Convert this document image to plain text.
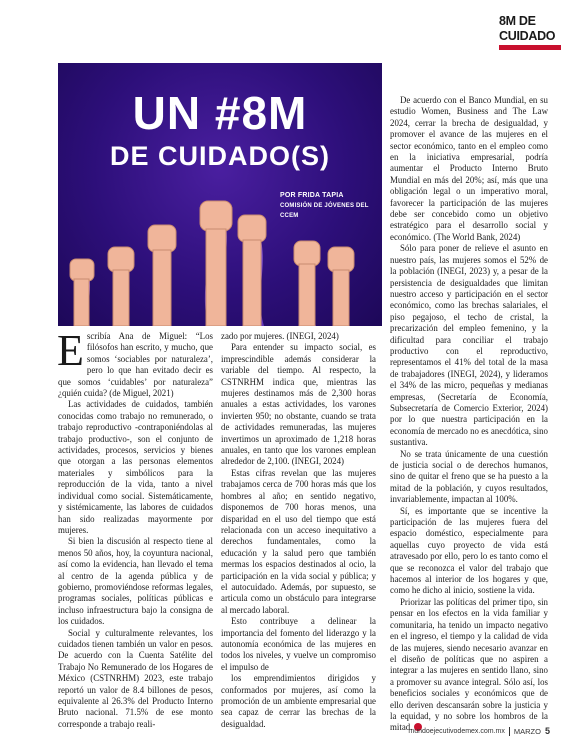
8M DE
CUIDADO
UN #8M
DE CUIDADO(S)
POR FRIDA TAPIA
COMISIÓN DE JÓVENES DEL CCEM

Escribía Ana de Miguel: “Los filósofos han escrito, y mucho, que somos ‘sociables por naturaleza’, pero lo que han evitado decir es que somos ‘cuidables’ por naturaleza” ¿quién cuida? (de Miguel, 2021)

Las actividades de cuidados, también conocidas como trabajo no remunerado, o trabajo reproductivo -contraponiéndolas al trabajo productivo-, son el conjunto de actividades, procesos, servicios y bienes que otorgan a las personas elementos materiales y simbólicos para la reproducción de la vida, tanto a nivel individual como social. Sistemáticamente, y sistémicamente, las labores de cuidados han sido realizadas mayormente por mujeres.

Si bien la discusión al respecto tiene al menos 50 años, hoy, la coyuntura nacional, así como la evidencia, han llevado el tema al centro de la agenda pública y de gobierno, promoviéndose reformas legales, programas sociales, políticas públicas e incluso infraestructura bajo la consigna de los cuidados.

Social y culturalmente relevantes, los cuidados tienen también un valor en pesos. De acuerdo con la Cuenta Satélite del Trabajo No Remunerado de los Hogares de México (CSTNRHM) 2023, este trabajo reportó un valor de 8.4 billones de pesos, equivalente al 26.3% del Producto Interno Bruto nacional. 71.5% de ese monto corresponde a trabajo reali-

zado por mujeres. (INEGI, 2024)

Para entender su impacto social, es imprescindible además considerar la variable del tiempo. Al respecto, la CSTNRHM indica que, mientras las mujeres destinamos más de 2,300 horas anuales a estas actividades, los varones invierten 950; no obstante, cuando se trata de actividades remuneradas, las mujeres invertimos un aproximado de 1,218 horas anuales, en tanto que los varones emplean alrededor de 2,100. (INEGI, 2024)

Estas cifras revelan que las mujeres trabajamos cerca de 700 horas más que los hombres al año; en sentido negativo, disponemos de 700 horas menos, una disparidad en el uso del tiempo que está relacionada con un acceso inequitativo a derechos fundamentales, como la educación y la salud pero que también mermas los espacios destinados al ocio, la participación en la vida social y pública; y el autocuidado. Además, por supuesto, se articula como un obstáculo para integrarse al mercado laboral.

Esto contribuye a delinear la importancia del fomento del liderazgo y la autonomía económica de las mujeres en todos los niveles, y vuelve un compromiso el impulso de

los emprendimientos dirigidos y conformados por mujeres, así como la promoción de un ambiente empresarial que sea capaz de cerrar las brechas de la desigualdad.

De acuerdo con el Banco Mundial, en su estudio Women, Business and The Law 2024, cerrar la brecha de desigualdad, y promover el avance de las mujeres en el sector económico, tanto en el empleo como en la iniciativa empresarial, podría aumentar el Producto Interno Bruto Mundial en más del 20%; así, más que una obligación legal o un imperativo moral, favorecer la participación de las mujeres debe ser concebido como un objetivo estratégico para el desarrollo social y económico. (The World Bank, 2024)

Sólo para poner de relieve el asunto en nuestro país, las mujeres somos el 52% de la población (INEGI, 2023) y, a pesar de la persistencia de desigualdades que limitan nuestro acceso y participación en el sector económico, como las brechas salariales, el piso pegajoso, el techo de cristal, la precarización del empleo femenino, y la dificultad para conciliar el trabajo productivo con el reproductivo, representamos el 41% del total de la masa de trabajadores (INEGI, 2024), y lideramos el 34% de las micro, pequeñas y medianas empresas, (Secretaría de Economía, Subsecretaría de Comercio Exterior, 2024) por lo que nuestra participación en la economía de mercado no es anecdótica, sino sustantiva.

No se trata únicamente de una cuestión de justicia social o de derechos humanos, sino de quitar el freno que se ha puesto a la mitad de la población, y cuyos resultados, invariablemente, impactan al 100%.

Sí, es importante que se incentive la participación de las mujeres fuera del espacio doméstico, especialmente para aquellas cuyo proyecto de vida está atravesado por ello, pero lo es tanto como el que se reconozca el valor del trabajo que hacemos al interior de los hogares y que, como he dicho al inicio, sostiene la vida.

Priorizar las políticas del primer tipo, sin pensar en los efectos en la vida familiar y comunitaria, ha tenido un impacto negativo en el ingreso, el tiempo y la calidad de vida de las mujeres, siendo necesario avanzar en el diseño de políticas que no aspiren a integrar a las mujeres en sentido llano, sino a promover su avance integral. Sólo así, los beneficios sociales y económicos que de ello deriven descansarán sobre la justicia y la equidad, y no sobre los hombros de la mitad.

mundoejecutivodemex.com.mx MARZO 5
